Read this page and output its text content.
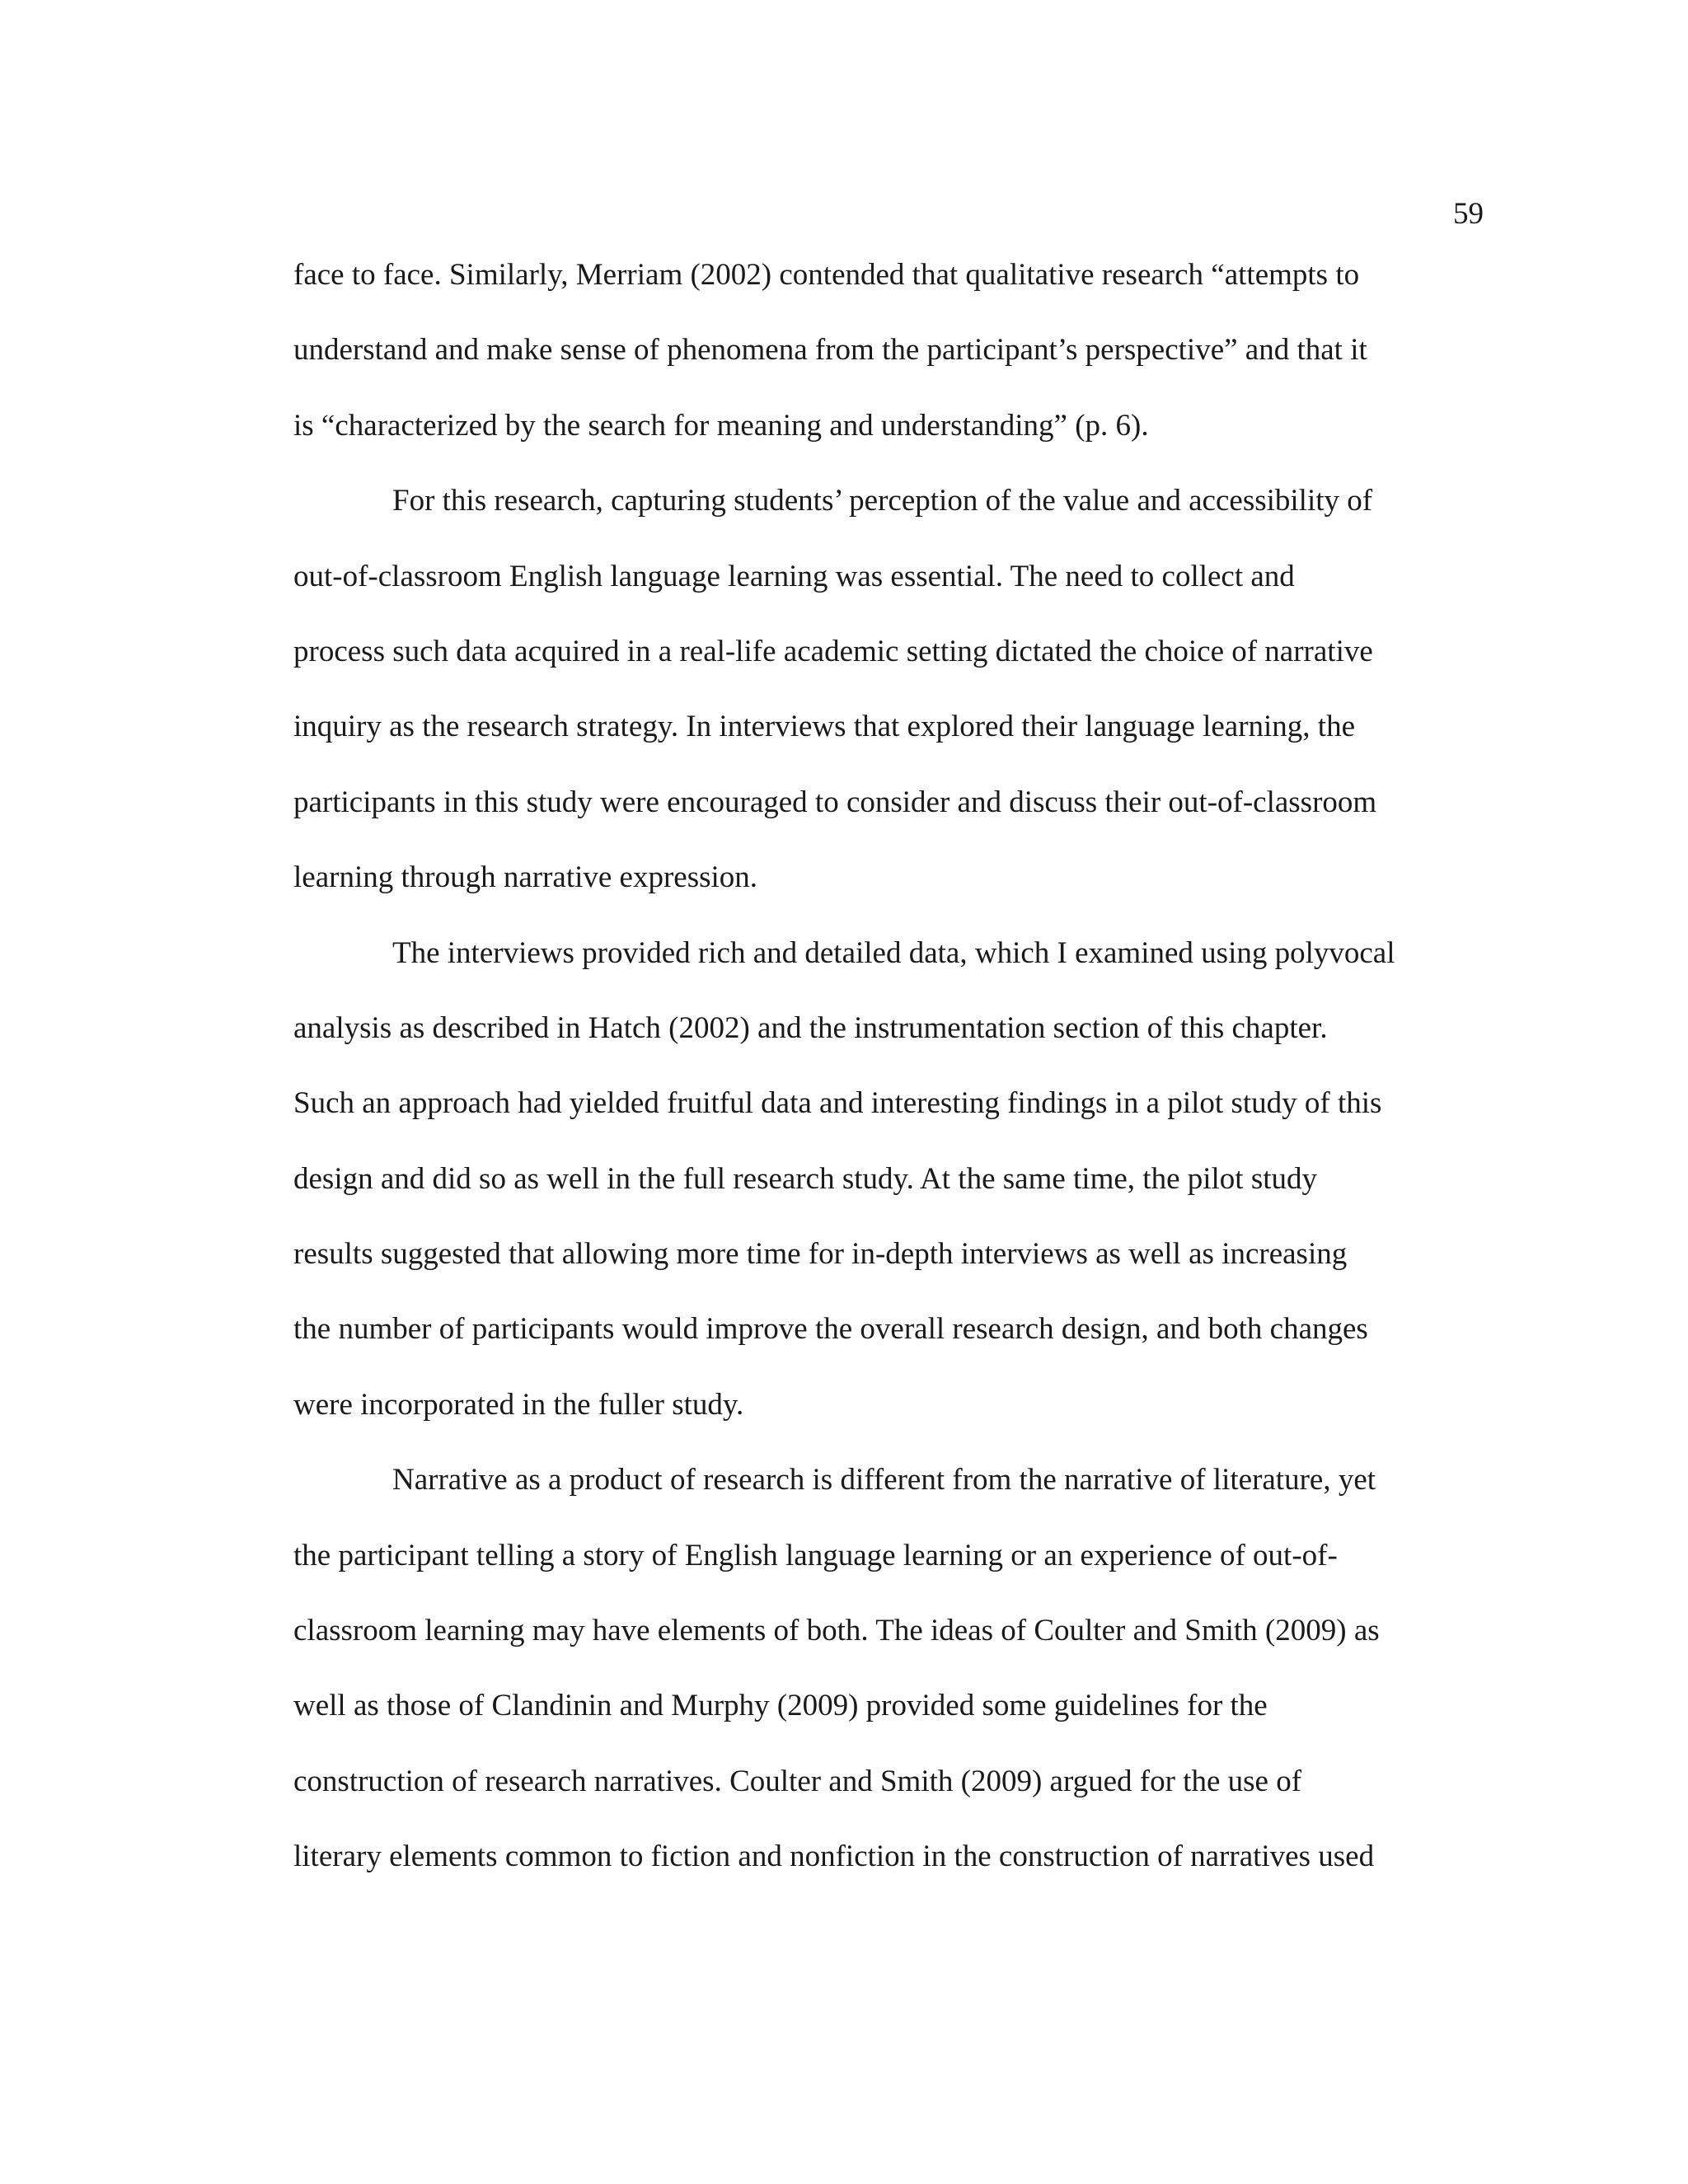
59
face to face. Similarly, Merriam (2002) contended that qualitative research “attempts to
understand and make sense of phenomena from the participant’s perspective” and that it
is “characterized by the search for meaning and understanding” (p. 6).
For this research, capturing students’ perception of the value and accessibility of
out-of-classroom English language learning was essential. The need to collect and
process such data acquired in a real-life academic setting dictated the choice of narrative
inquiry as the research strategy. In interviews that explored their language learning, the
participants in this study were encouraged to consider and discuss their out-of-classroom
learning through narrative expression.
The interviews provided rich and detailed data, which I examined using polyvocal
analysis as described in Hatch (2002) and the instrumentation section of this chapter.
Such an approach had yielded fruitful data and interesting findings in a pilot study of this
design and did so as well in the full research study. At the same time, the pilot study
results suggested that allowing more time for in-depth interviews as well as increasing
the number of participants would improve the overall research design, and both changes
were incorporated in the fuller study.
Narrative as a product of research is different from the narrative of literature, yet
the participant telling a story of English language learning or an experience of out-of-
classroom learning may have elements of both. The ideas of Coulter and Smith (2009) as
well as those of Clandinin and Murphy (2009) provided some guidelines for the
construction of research narratives. Coulter and Smith (2009) argued for the use of
literary elements common to fiction and nonfiction in the construction of narratives used
